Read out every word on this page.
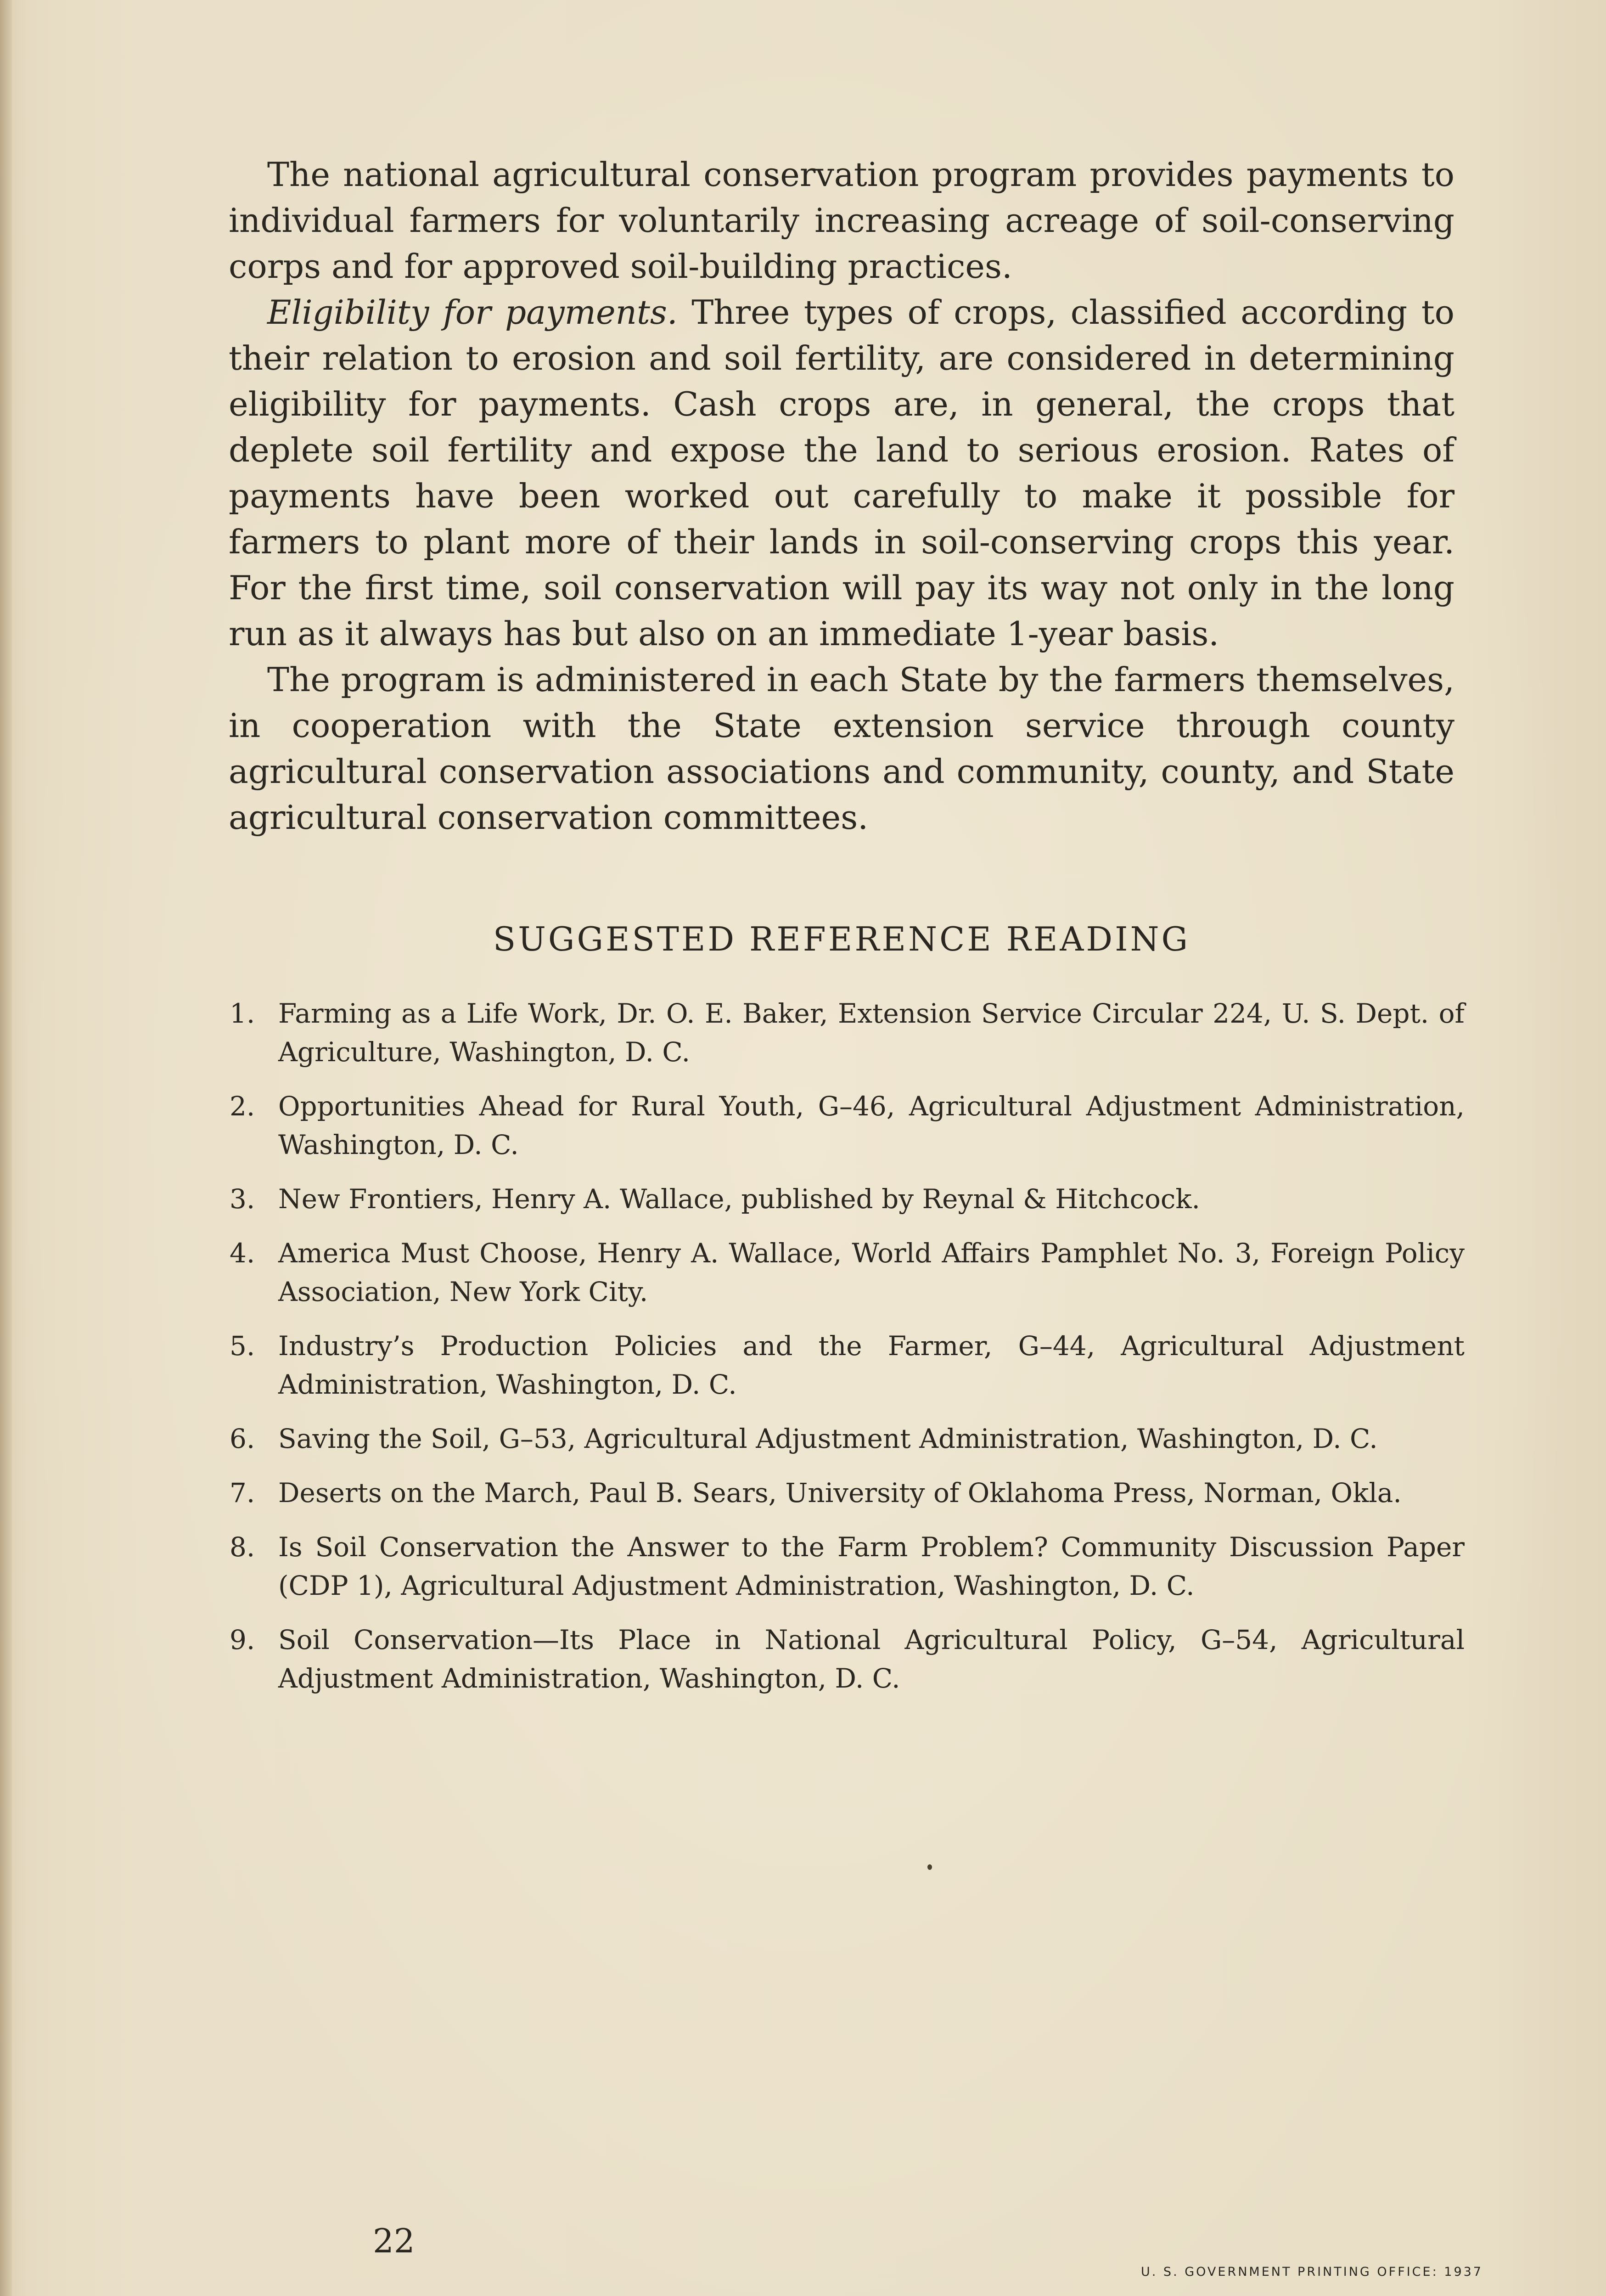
The national agricultural conservation program provides payments to individual farmers for voluntarily increasing acreage of soil-conserving corps and for approved soil-building practices.

Eligibility for payments. Three types of crops, classified according to their relation to erosion and soil fertility, are considered in determining eligibility for payments. Cash crops are, in general, the crops that deplete soil fertility and expose the land to serious erosion. Rates of payments have been worked out carefully to make it possible for farmers to plant more of their lands in soil-conserving crops this year. For the first time, soil conservation will pay its way not only in the long run as it always has but also on an immediate 1-year basis.

The program is administered in each State by the farmers themselves, in cooperation with the State extension service through county agricultural conservation associations and community, county, and State agricultural conservation committees.

SUGGESTED REFERENCE READING
1. Farming as a Life Work, Dr. O. E. Baker, Extension Service Circular 224, U. S. Dept. of Agriculture, Washington, D. C.
2. Opportunities Ahead for Rural Youth, G–46, Agricultural Adjustment Administration, Washington, D. C.
3. New Frontiers, Henry A. Wallace, published by Reynal & Hitchcock.
4. America Must Choose, Henry A. Wallace, World Affairs Pamphlet No. 3, Foreign Policy Association, New York City.
5. Industry’s Production Policies and the Farmer, G–44, Agricultural Adjustment Administration, Washington, D. C.
6. Saving the Soil, G–53, Agricultural Adjustment Administration, Washington, D. C.
7. Deserts on the March, Paul B. Sears, University of Oklahoma Press, Norman, Okla.
8. Is Soil Conservation the Answer to the Farm Problem? Community Discussion Paper (CDP 1), Agricultural Adjustment Administration, Washington, D. C.
9. Soil Conservation—Its Place in National Agricultural Policy, G–54, Agricultural Adjustment Administration, Washington, D. C.
22
U. S. GOVERNMENT PRINTING OFFICE: 1937
